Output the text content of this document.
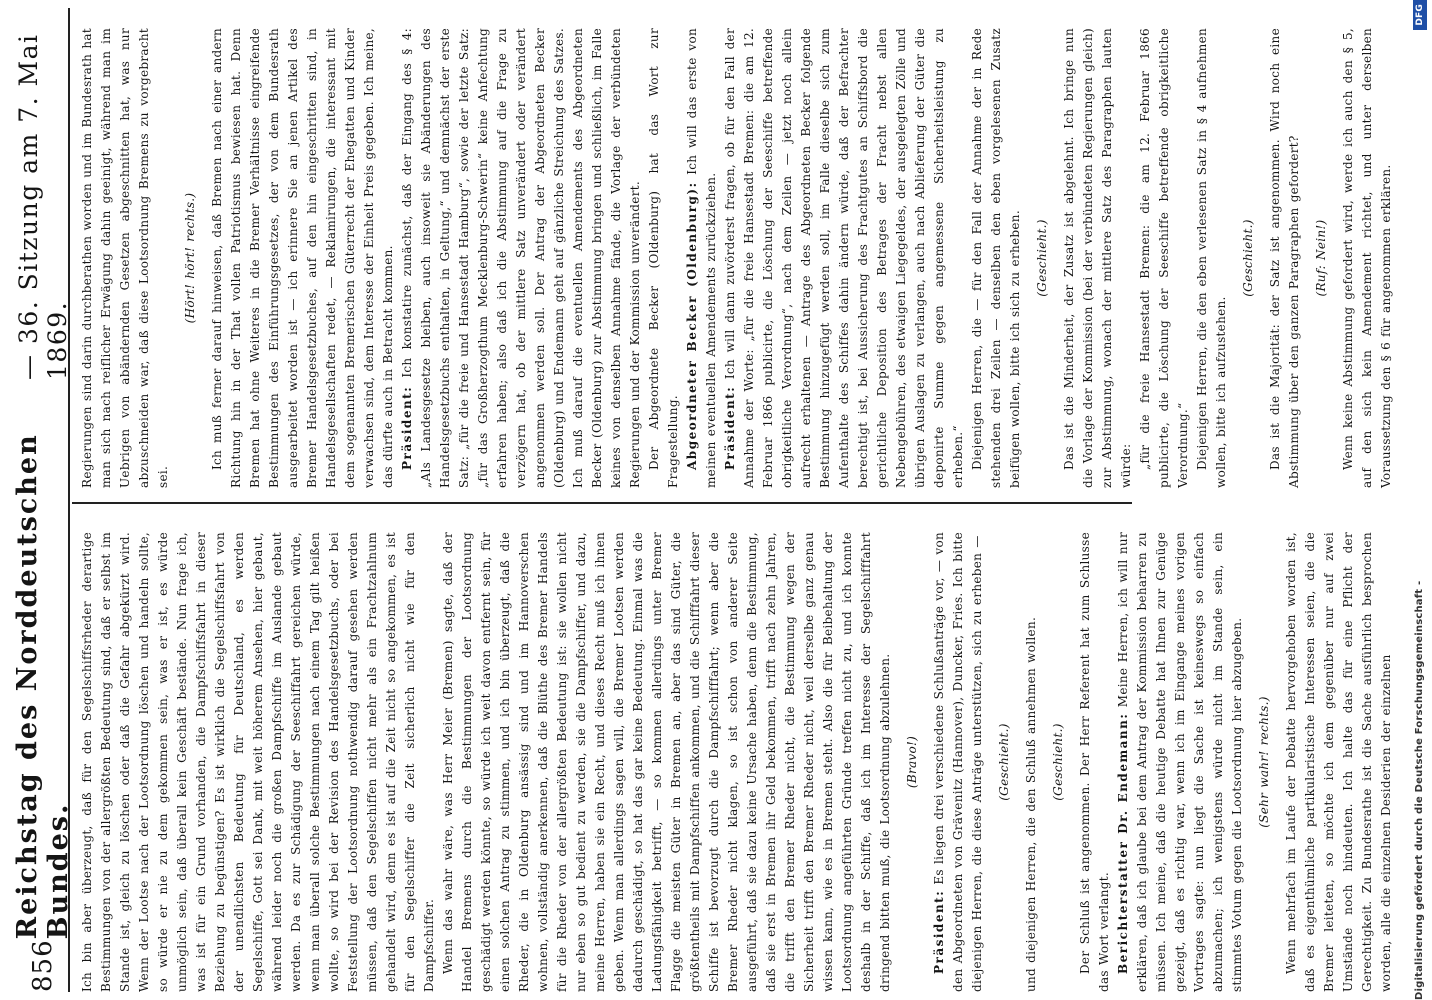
856
Reichstag des Norddeutschen Bundes.
— 36. Sitzung am 7. Mai 1869.

Ich bin aber überzeugt, daß für den Segelschiffsrheder derartige Bestimmungen von der allergrößten Bedeutung sind, daß er selbst im Stande ist, gleich zu löschen oder daß die Gefahr abgekürzt wird. Wenn der Lootse nach der Lootsordnung löschen und handeln sollte, so würde er nie zu dem gekommen sein, was er ist, es würde unmöglich sein, daß überall kein Geschäft bestände. Nun frage ich, was ist für ein Grund vorhanden, die Dampfschiffsfahrt in dieser Beziehung zu begünstigen? Es ist wirklich die Segelschiffsfahrt von der unendlichsten Bedeutung für Deutschland, es werden Segelschiffe, Gott sei Dank, mit weit höherem Ansehen, hier gebaut, während leider noch die großen Dampfschiffe im Auslande gebaut werden. Da es zur Schädigung der Seeschiffahrt gereichen würde, wenn man überall solche Bestimmungen nach einem Tag gilt heißen wollte, so wird bei der Revision des Handelsgesetzbuchs, oder bei Feststellung der Lootsordnung nothwendig darauf gesehen werden müssen, daß den Segelschiffen nicht mehr als ein Frachtzahlnum gehandelt wird, denn es ist auf die Zeit nicht so angekommen, es ist für den Segelschiffer die Zeit sicherlich nicht wie für den Dampfschiffer. Wenn das wahr wäre, was Herr Meier (Bremen) sagte, daß der Handel Bremens durch die Bestimmungen der Lootsordnung geschädigt werden könnte, so würde ich weit davon entfernt sein, für einen solchen Antrag zu stimmen, und ich bin überzeugt, daß die Rheder, die in Oldenburg ansässig sind und im Hannoverschen wohnen, vollständig anerkennen, daß die Blüthe des Bremer Handels für die Rheder von der allergrößten Bedeutung ist: sie wollen nicht nur eben so gut bedient zu werden, sie die Dampfschiffer, und dazu, meine Herren, haben sie ein Recht, und dieses Recht muß ich ihnen geben. Wenn man allerdings sagen will, die Bremer Lootsen werden dadurch geschädigt, so hat das gar keine Bedeutung. Einmal was die Ladungsfähigkeit betrifft, — so kommen allerdings unter Bremer Flagge die meisten Güter in Bremen an, aber das sind Güter, die größtentheils mit Dampfschiffen ankommen, und die Schifffahrt dieser Schiffe ist bevorzugt durch die Dampfschifffahrt; wenn aber die Bremer Rheder nicht klagen, so ist schon von anderer Seite ausgeführt, daß sie dazu keine Ursache haben, denn die Bestimmung, daß sie erst in Bremen ihr Geld bekommen, trifft nach zehn Jahren, die trifft den Bremer Rheder nicht, die Bestimmung wegen der Sicherheit trifft den Bremer Rheder nicht, weil derselbe ganz genau wissen kann, wie es in Bremen steht. Also die für Beibehaltung der Lootsordnung angeführten Gründe treffen nicht zu, und ich konnte deshalb in der Schiffe, daß ich im Interesse der Segelschifffahrt dringend bitten muß, die Lootsordnung abzulehnen. (Bravo!)

Präsident: Es liegen drei verschiedene Schlußanträge vor, — von den Abgeordneten von Grävenitz (Hannover), Duncker, Fries. Ich bitte diejenigen Herren, die diese Anträge unterstützen, sich zu erheben — (Geschieht.) und diejenigen Herren, die den Schluß annehmen wollen. (Geschieht.) Der Schluß ist angenommen. Der Herr Referent hat zum Schlusse das Wort verlangt. Berichterstatter Dr. Endemann: Meine Herren, ich will nur erklären, daß ich glaube bei dem Antrag der Kommission beharren zu müssen. Ich meine, daß die heutige Debatte hat Ihnen zur Genüge gezeigt, daß es richtig war, wenn ich im Eingange meines vorigen Vortrages sagte: nun liegt die Sache ist keineswegs so einfach abzumachen; ich wenigstens würde nicht im Stande sein, ein stimmtes Votum gegen die Lootsordnung hier abzugeben. (Sehr wahr! rechts.) Wenn mehrfach im Laufe der Debatte hervorgehoben worden ist, daß es eigenthümliche partikularistische Interessen seien, die die Bremer leiteten, so möchte ich dem gegenüber nur auf zwei Umstände noch hindeuten. Ich halte das für eine Pflicht der Gerechtigkeit. Zu Bundesrathe ist die Sache ausführlich besprochen worden, alle die einzelnen Desiderien der einzelnen

Regierungen sind darin durchberathen worden und im Bundesrath hat man sich nach reiflicher Erwägung dahin geeinigt, während man im Uebrigen von abändernden Gesetzen abgeschnitten hat, was nur abzuschneiden war, daß diese Lootsordnung Bremens zu vorgebracht sei.

(Hört! hört! rechts.) Ich muß ferner darauf hinweisen, daß Bremen nach einer andern Richtung hin in der That vollen Patriotismus bewiesen hat. Denn Bremen hat ohne Weiteres in die Bremer Verhältnisse eingreifende Bestimmungen des Einführungsgesetzes, der von dem Bundesrath ausgearbeitet worden ist — ich erinnere Sie an jenen Artikel des Bremer Handelsgesetzbuches, auf den hin eingeschritten sind, in Handelsgesellschaften redet, — Reklamirungen, die interessant mit dem sogenannten Bremerischen Güterrecht der Ehegatten und Kinder verwachsen sind, dem Interesse der Einheit Preis gegeben. Ich meine, das dürfte auch in Betracht kommen. Präsident: Ich konstatire zunächst, daß der Eingang des § 4: „Als Landesgesetze bleiben, auch insoweit sie Abänderungen des Handelsgesetzbuchs enthalten, in Geltung,“ und demnächst der erste Satz: „für die freie und Hansestadt Hamburg“, sowie der letzte Satz: „für das Großherzogthum Mecklenburg-Schwerin“ keine Anfechtung erfahren haben; also daß ich die Abstimmung auf die Frage zu verzögern hat, ob der mittlere Satz unverändert oder verändert angenommen werden soll. Der Antrag der Abgeordneten Becker (Oldenburg) und Endemann geht auf gänzliche Streichung des Satzes. Ich muß darauf die eventuellen Amendements des Abgeordneten Becker (Oldenburg) zur Abstimmung bringen und schließlich, im Falle keines von denselben Annahme fände, die Vorlage der verbündeten Regierungen und der Kommission unverändert. Der Abgeordnete Becker (Oldenburg) hat das Wort zur Fragestellung. Abgeordneter Becker (Oldenburg): Ich will das erste von meinen eventuellen Amendements zurückziehen. Präsident: Ich will dann zuvörderst fragen, ob für den Fall der Annahme der Worte: „für die freie Hansestadt Bremen: die am 12. Februar 1866 publicirte, die Löschung der Seeschiffe betreffende obrigkeitliche Verordnung“, nach dem Zeilen — jetzt noch allein aufrecht erhaltenen — Antrage des Abgeordneten Becker folgende Bestimmung hinzugefügt werden soll, im Falle dieselbe sich zum Aufenthalte des Schiffes dahin ändern würde, daß der Befrachter berechtigt ist, bei Aussicherung des Frachtgutes an Schiffsbord die gerichtliche Deposition des Betrages der Fracht nebst allen Nebengebühren, des etwaigen Liegegeldes, der ausgelegten Zölle und übrigen Auslagen zu verlangen, auch nach Ablieferung der Güter die deponirte Summe gegen angemessene Sicherheitsleistung zu erheben.“ Diejenigen Herren, die — für den Fall der Annahme der in Rede stehenden drei Zeilen — denselben den eben vorgelesenen Zusatz beifügen wollen, bitte ich sich zu erheben. (Geschieht.) Das ist die Minderheit, der Zusatz ist abgelehnt. Ich bringe nun die Vorlage der Kommission (bei der verbündeten Regierungen gleich) zur Abstimmung, wonach der mittlere Satz des Paragraphen lauten würde: „für die freie Hansestadt Bremen: die am 12. Februar 1866 publicirte, die Löschung der Seeschiffe betreffende obrigkeitliche Verordnung.“ Diejenigen Herren, die den eben verlesenen Satz in § 4 aufnehmen wollen, bitte ich aufzustehen.

(Geschieht.) Das ist die Majorität: der Satz ist angenommen. Wird noch eine Abstimmung über den ganzen Paragraphen gefordert? (Ruf: Nein!) Wenn keine Abstimmung gefordert wird, werde ich auch den § 5, auf den sich kein Amendement richtet, und unter derselben Voraussetzung den § 6 für angenommen erklären.

Digitalisierung gefördert durch die Deutsche Forschungsgemeinschaft -
DFG
